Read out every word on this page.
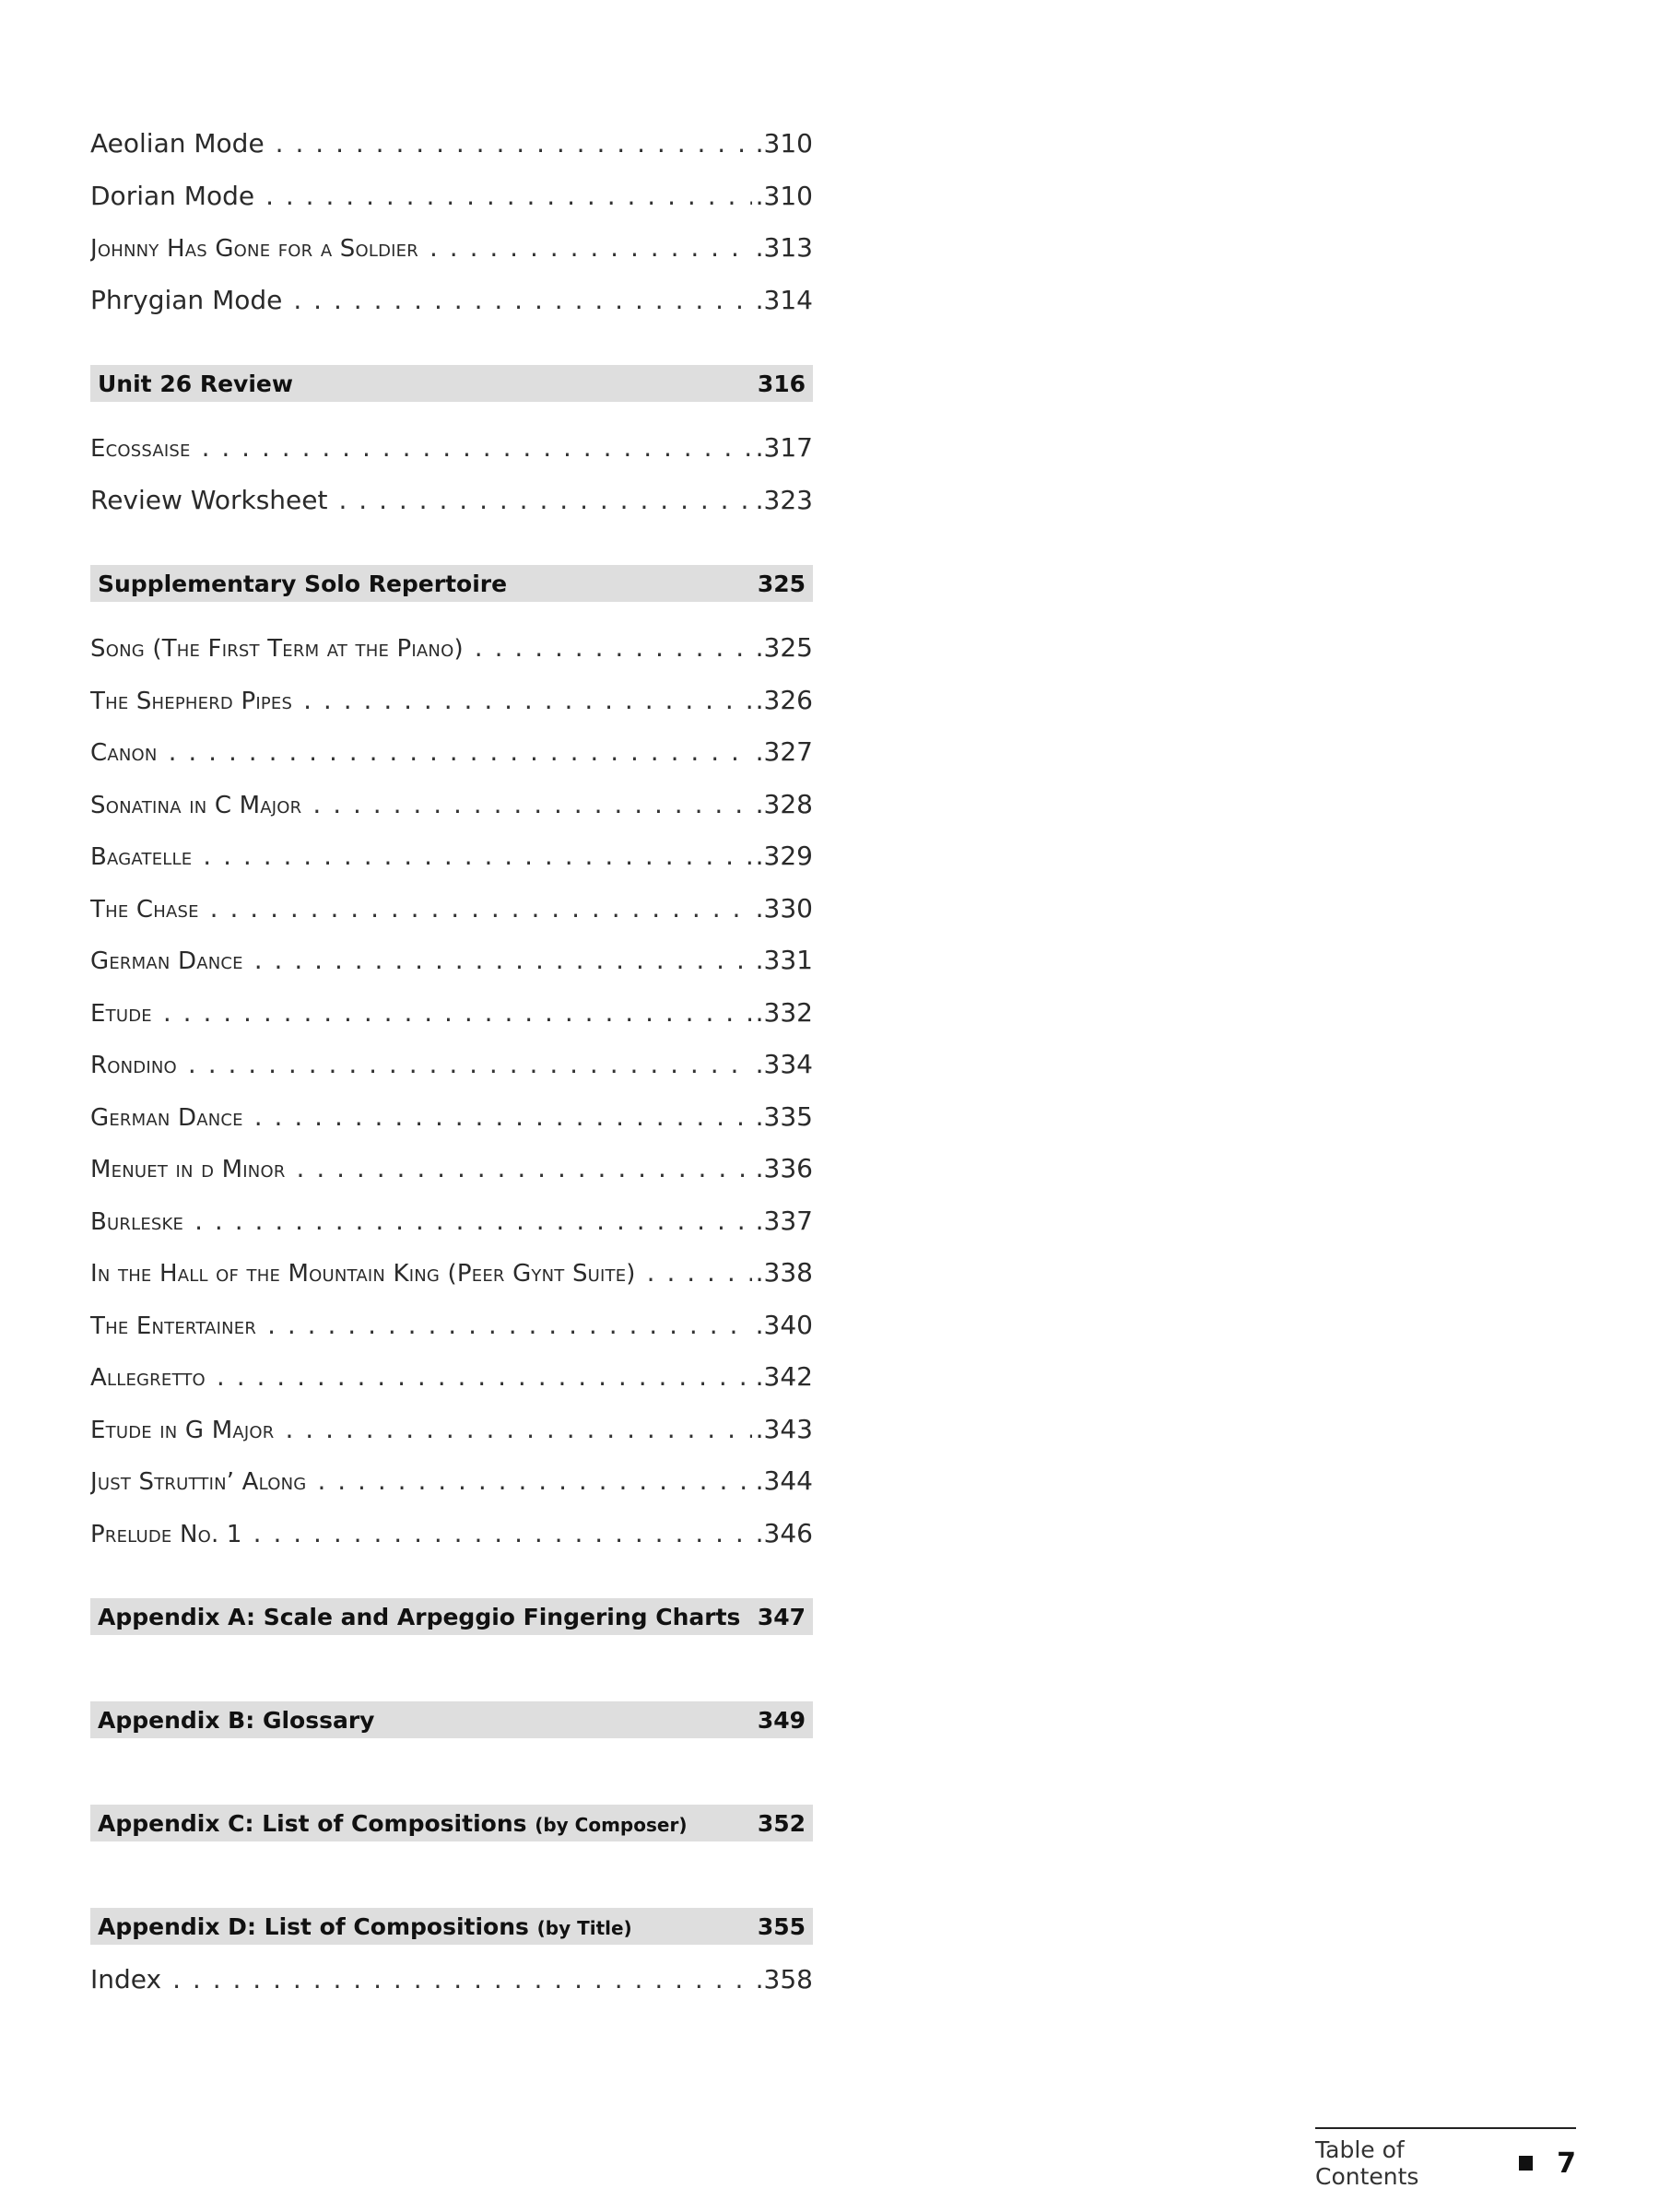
Aeolian Mode . . .	.310
Dorian Mode . . .	.310
Johnny Has Gone for a Soldier . . .	.313
Phrygian Mode . . .	.314
Unit 26 Review	316
Ecossaise . . .	.317
Review Worksheet . . .	.323
Supplementary Solo Repertoire	325
Song (The First Term at the Piano) . . .	.325
The Shepherd Pipes . . .	.326
Canon . . .	.327
Sonatina in C Major . . .	.328
Bagatelle . . .	.329
The Chase . . .	.330
German Dance . . .	.331
Etude . . .	.332
Rondino . . .	.334
German Dance . . .	.335
Menuet in d Minor . . .	.336
Burleske . . .	.337
In the Hall of the Mountain King (Peer Gynt Suite) . . .	.338
The Entertainer . . .	.340
Allegretto . . .	.342
Etude in G Major . . .	.343
Just Struttin’ Along . . .	.344
Prelude No. 1 . . .	.346
Appendix A: Scale and Arpeggio Fingering Charts 347
Appendix B: Glossary	349
Appendix C: List of Compositions (by Composer)	352
Appendix D: List of Compositions (by Title)	355
Index . . .	.358
Table of Contents	7
